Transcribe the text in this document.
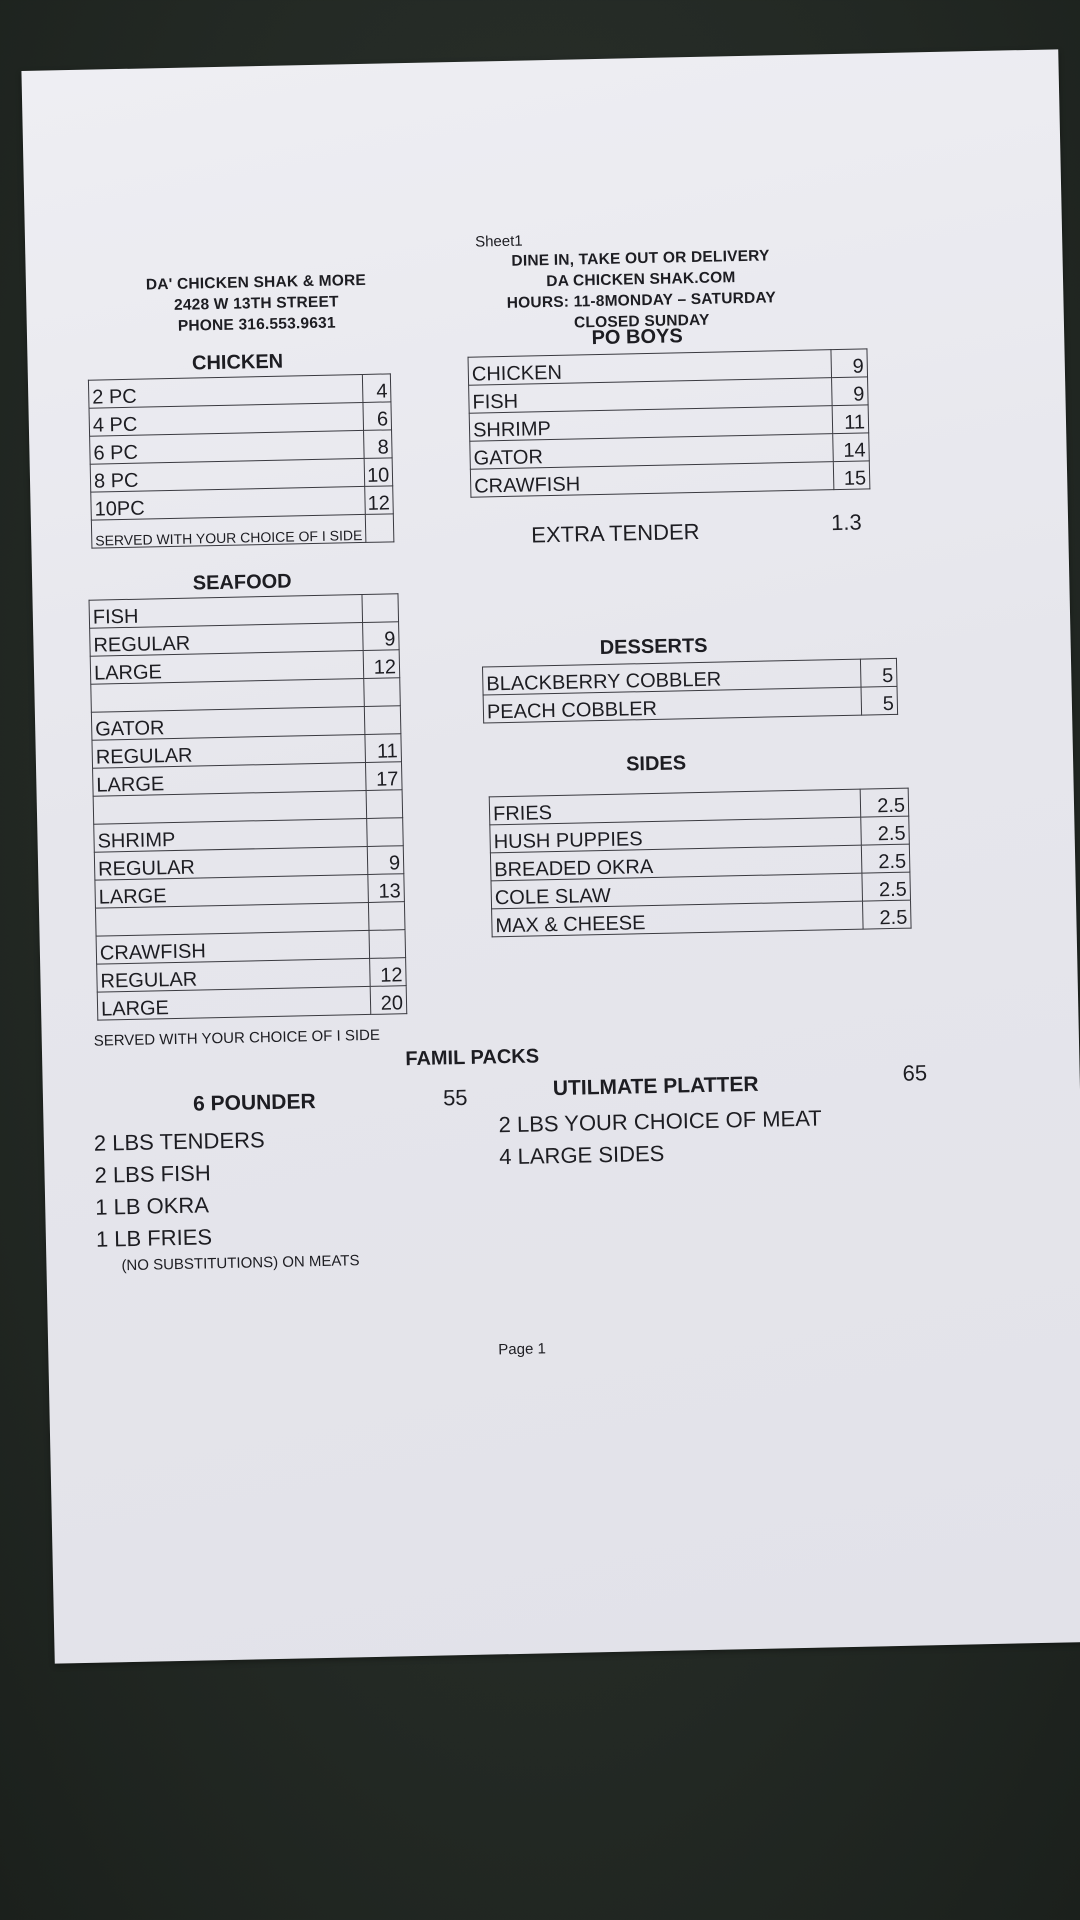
Sheet1
DA' CHICKEN SHAK & MORE
2428 W 13TH STREET
PHONE 316.553.9631
DINE IN, TAKE OUT OR DELIVERY
DA CHICKEN SHAK.COM
HOURS: 11-8MONDAY – SATURDAY
CLOSED SUNDAY
CHICKEN
2 PC	4
4 PC	6
6 PC	8
8 PC	10
10PC	12
SERVED WITH YOUR CHOICE OF I SIDE	
PO BOYS
CHICKEN	9
FISH	9
SHRIMP	11
GATOR	14
CRAWFISH	15
EXTRA TENDER	1.3
SEAFOOD
FISH	
REGULAR	9
LARGE	12

GATOR	
REGULAR	11
LARGE	17

SHRIMP	
REGULAR	9
LARGE	13

CRAWFISH	
REGULAR	12
LARGE	20
SERVED WITH YOUR CHOICE OF I SIDE
DESSERTS
BLACKBERRY COBBLER	5
PEACH COBBLER	5
SIDES
FRIES	2.5
HUSH PUPPIES	2.5
BREADED OKRA	2.5
COLE SLAW	2.5
MAX & CHEESE	2.5
FAMIL PACKS
6 POUNDER	55
2 LBS TENDERS
2 LBS FISH
1 LB OKRA
1 LB FRIES
(NO SUBSTITUTIONS) ON MEATS
UTILMATE PLATTER	65
2 LBS YOUR CHOICE OF MEAT
4 LARGE SIDES
Page 1
